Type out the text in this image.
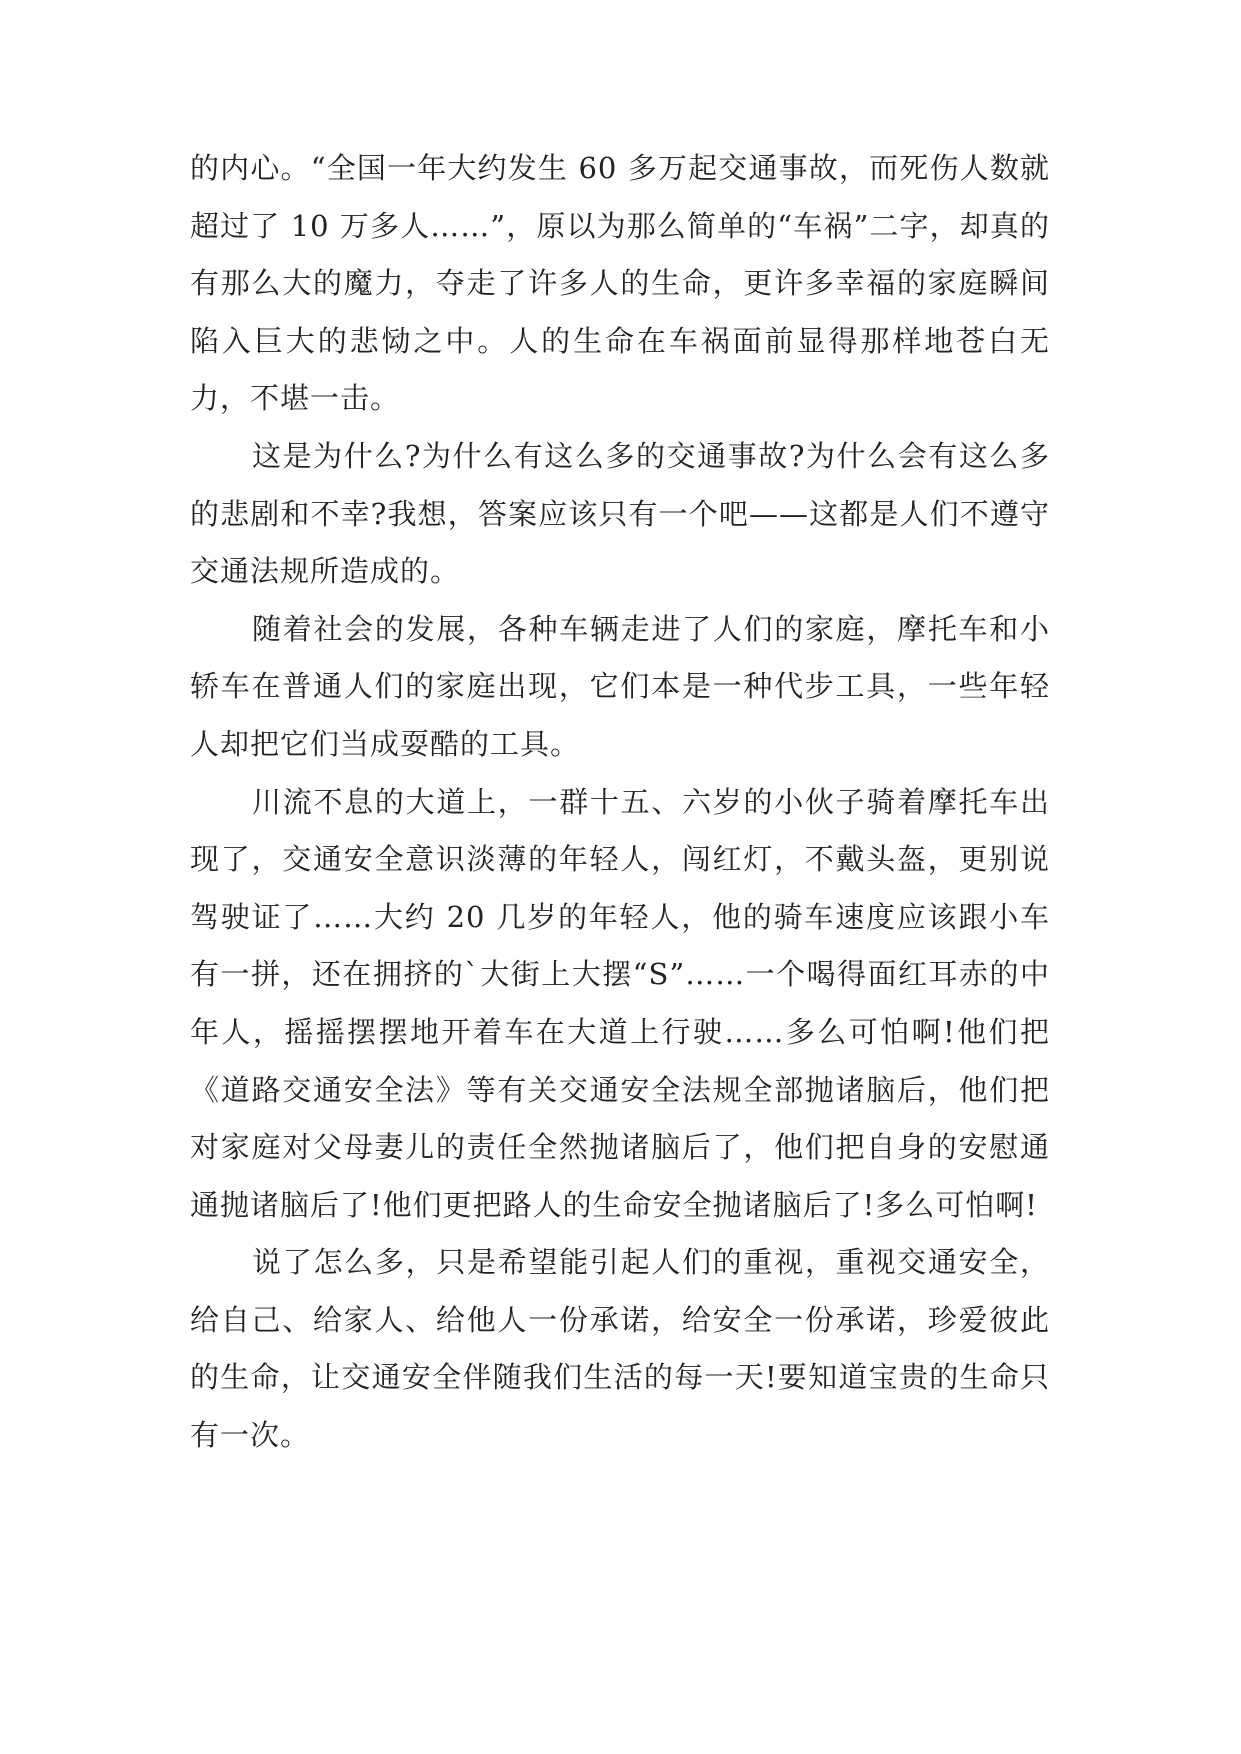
的内心。“全国一年大约发生 60 多万起交通事故，而死伤人数就超过了 10 万多人……”，原以为那么简单的“车祸”二字，却真的有那么大的魔力，夺走了许多人的生命，更许多幸福的家庭瞬间陷入巨大的悲恸之中。人的生命在车祸面前显得那样地苍白无力，不堪一击。

这是为什么?为什么有这么多的交通事故?为什么会有这么多的悲剧和不幸?我想，答案应该只有一个吧——这都是人们不遵守交通法规所造成的。

随着社会的发展，各种车辆走进了人们的家庭，摩托车和小轿车在普通人们的家庭出现，它们本是一种代步工具，一些年轻人却把它们当成耍酷的工具。

川流不息的大道上，一群十五、六岁的小伙子骑着摩托车出现了，交通安全意识淡薄的年轻人，闯红灯，不戴头盔，更别说驾驶证了……大约 20 几岁的年轻人，他的骑车速度应该跟小车有一拼，还在拥挤的`大街上大摆“S”……一个喝得面红耳赤的中年人，摇摇摆摆地开着车在大道上行驶……多么可怕啊!他们把《道路交通安全法》等有关交通安全法规全部抛诸脑后，他们把对家庭对父母妻儿的责任全然抛诸脑后了，他们把自身的安慰通通抛诸脑后了!他们更把路人的生命安全抛诸脑后了!多么可怕啊!

说了怎么多，只是希望能引起人们的重视，重视交通安全，给自己、给家人、给他人一份承诺，给安全一份承诺，珍爱彼此的生命，让交通安全伴随我们生活的每一天!要知道宝贵的生命只有一次。
